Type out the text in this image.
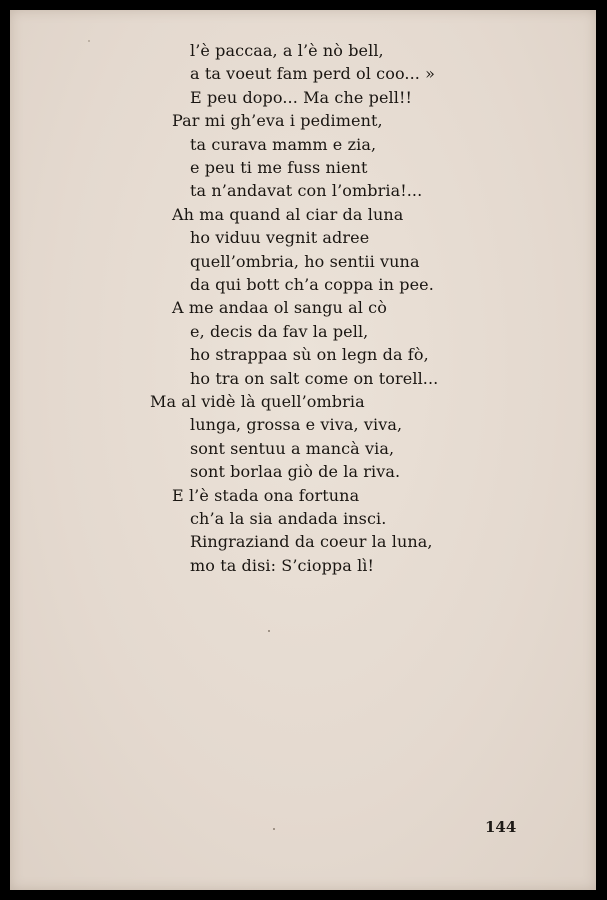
l’è paccaa, a l’è nò bell,
a ta voeut fam perd ol coo... »
E peu dopo... Ma che pell!!
Par mi gh’eva i pediment,
ta curava mamm e zia,
e peu ti me fuss nient
ta n’andavat con l’ombria!...
Ah ma quand al ciar da luna
ho viduu vegnit adree
quell’ombria, ho sentii vuna
da qui bott ch’a coppa in pee.
A me andaa ol sangu al cò
e, decis da fav la pell,
ho strappaa sù on legn da fò,
ho tra on salt come on torell...
Ma al vidè là quell’ombria
lunga, grossa e viva, viva,
sont sentuu a mancà via,
sont borlaa giò de la riva.
E l’è stada ona fortuna
ch’a la sia andada insci.
Ringraziand da coeur la luna,
mo ta disi: S’cioppa lì!
144
